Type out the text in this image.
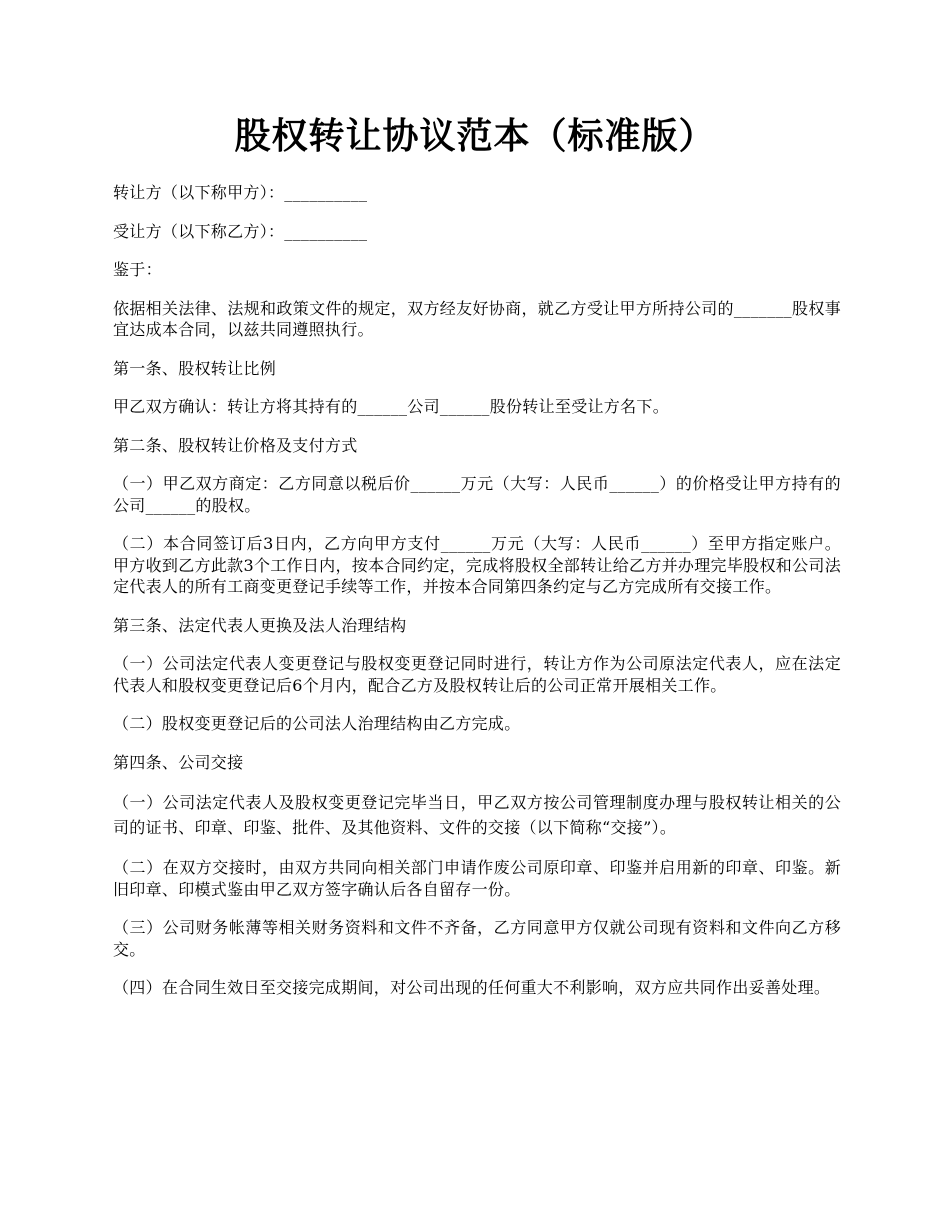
股权转让协议范本（标准版）

转让方（以下称甲方）：__________

受让方（以下称乙方）：__________

鉴于：

依据相关法律、法规和政策文件的规定，双方经友好协商，就乙方受让甲方所持公司的_______股权事宜达成本合同，以兹共同遵照执行。

第一条、股权转让比例

甲乙双方确认：转让方将其持有的______公司______股份转让至受让方名下。

第二条、股权转让价格及支付方式

（一）甲乙双方商定：乙方同意以税后价______万元（大写：人民币______）的价格受让甲方持有的公司______的股权。

（二）本合同签订后3日内，乙方向甲方支付______万元（大写：人民币______）至甲方指定账户。甲方收到乙方此款3个工作日内，按本合同约定，完成将股权全部转让给乙方并办理完毕股权和公司法定代表人的所有工商变更登记手续等工作，并按本合同第四条约定与乙方完成所有交接工作。

第三条、法定代表人更换及法人治理结构

（一）公司法定代表人变更登记与股权变更登记同时进行，转让方作为公司原法定代表人，应在法定代表人和股权变更登记后6个月内，配合乙方及股权转让后的公司正常开展相关工作。

（二）股权变更登记后的公司法人治理结构由乙方完成。

第四条、公司交接

（一）公司法定代表人及股权变更登记完毕当日，甲乙双方按公司管理制度办理与股权转让相关的公司的证书、印章、印鉴、批件、及其他资料、文件的交接（以下简称“交接”）。

（二）在双方交接时，由双方共同向相关部门申请作废公司原印章、印鉴并启用新的印章、印鉴。新旧印章、印模式鉴由甲乙双方签字确认后各自留存一份。

（三）公司财务帐薄等相关财务资料和文件不齐备，乙方同意甲方仅就公司现有资料和文件向乙方移交。

（四）在合同生效日至交接完成期间，对公司出现的任何重大不利影响，双方应共同作出妥善处理。
